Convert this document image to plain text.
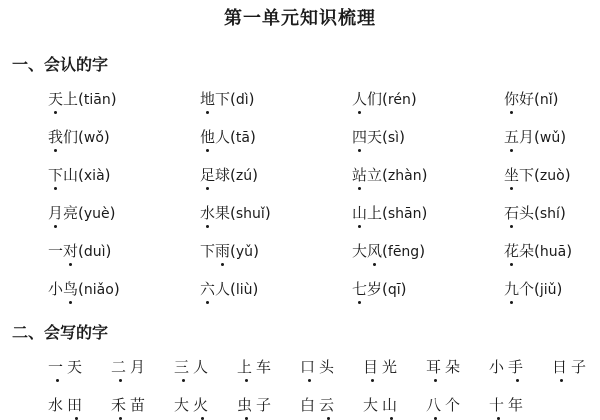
第一单元知识梳理
一、会认的字
天上(tiān)	地下(dì)	人们(rén)	你好(nǐ)
我们(wǒ)	他人(tā)	四天(sì)	五月(wǔ)
下山(xià)	足球(zú)	站立(zhàn)	坐下(zuò)
月亮(yuè)	水果(shuǐ)	山上(shān)	石头(shí)
一对(duì)	下雨(yǔ)	大风(fēng)	花朵(huā)
小鸟(niǎo)	六人(liù)	七岁(qī)	九个(jiǔ)
二、会写的字
一 天	二 月	三 人	上 车	口 头	目 光	耳 朵	小 手	日 子
水 田	禾 苗	大 火	虫 子	白 云	大 山	八 个	十 年
